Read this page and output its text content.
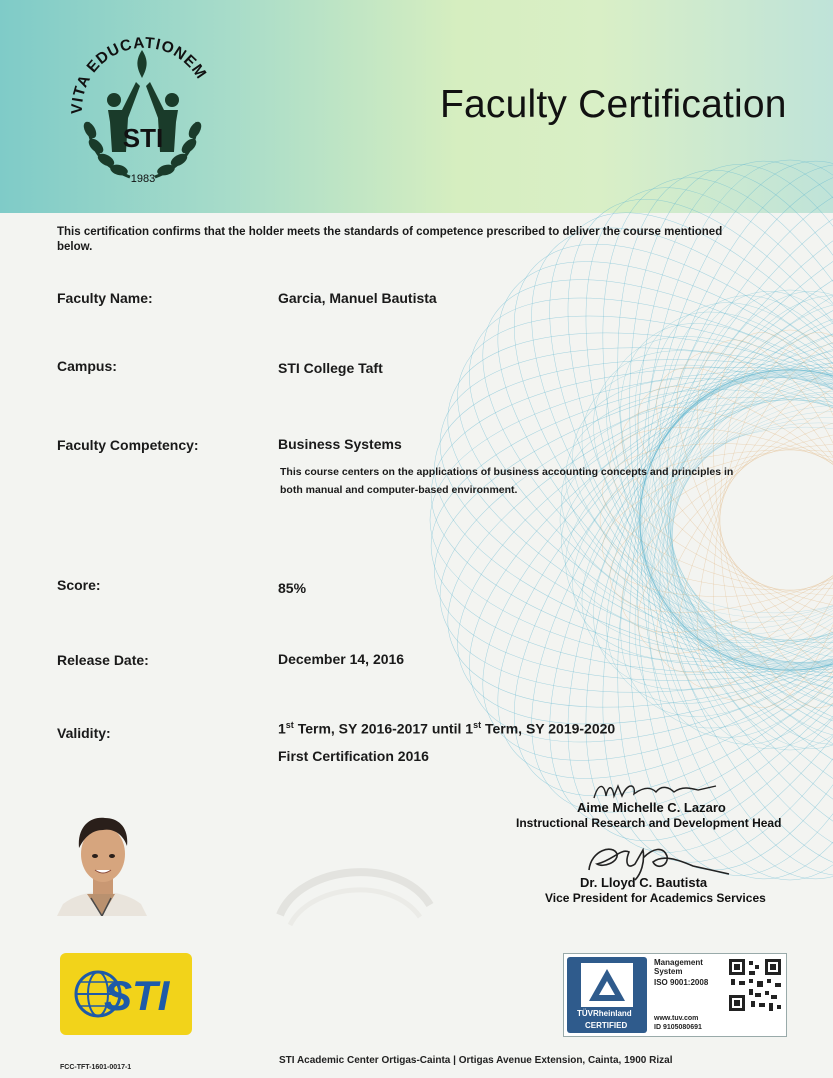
VITA EDUCATIONEM
STI
1983
Faculty Certification
This certification confirms that the holder meets the standards of competence prescribed to deliver the course mentioned below.
Faculty Name:	Garcia, Manuel Bautista
Campus:	STI College Taft
Faculty Competency:	Business Systems
This course centers on the applications of business accounting concepts and principles in both manual and computer-based environment.
Score:	85%
Release Date:	December 14, 2016
Validity:	1st Term, SY 2016-2017 until 1st Term, SY 2019-2020
First Certification 2016
Aime Michelle C. Lazaro
Instructional Research and Development Head
Dr. Lloyd C. Bautista
Vice President for Academics Services
STI	TÜVRheinland
CERTIFIED
Management
System
ISO 9001:2008
www.tuv.com
ID 9105080691
FCC-TFT-1601-0017-1
STI Academic Center Ortigas-Cainta | Ortigas Avenue Extension, Cainta, 1900 Rizal
